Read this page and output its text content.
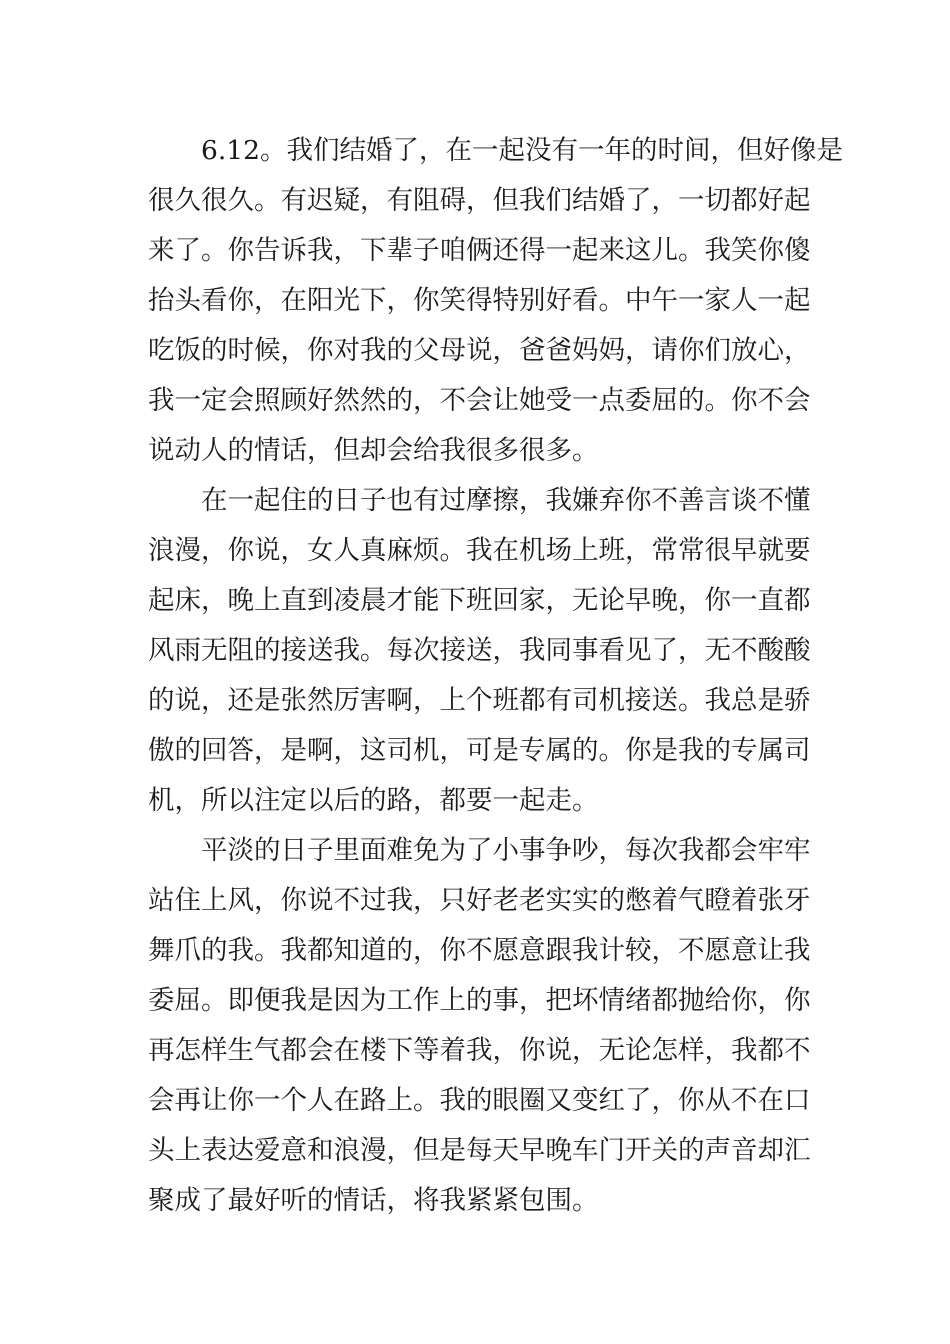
6.12。我们结婚了，在一起没有一年的时间，但好像是
很久很久。有迟疑，有阻碍，但我们结婚了，一切都好起
来了。你告诉我，下辈子咱俩还得一起来这儿。我笑你傻
抬头看你，在阳光下，你笑得特别好看。中午一家人一起
吃饭的时候，你对我的父母说，爸爸妈妈，请你们放心，
我一定会照顾好然然的，不会让她受一点委屈的。你不会
说动人的情话，但却会给我很多很多。
在一起住的日子也有过摩擦，我嫌弃你不善言谈不懂
浪漫，你说，女人真麻烦。我在机场上班，常常很早就要
起床，晚上直到凌晨才能下班回家，无论早晚，你一直都
风雨无阻的接送我。每次接送，我同事看见了，无不酸酸
的说，还是张然厉害啊，上个班都有司机接送。我总是骄
傲的回答，是啊，这司机，可是专属的。你是我的专属司
机，所以注定以后的路，都要一起走。
平淡的日子里面难免为了小事争吵，每次我都会牢牢
站住上风，你说不过我，只好老老实实的憋着气瞪着张牙
舞爪的我。我都知道的，你不愿意跟我计较，不愿意让我
委屈。即便我是因为工作上的事，把坏情绪都抛给你，你
再怎样生气都会在楼下等着我，你说，无论怎样，我都不
会再让你一个人在路上。我的眼圈又变红了，你从不在口
头上表达爱意和浪漫，但是每天早晚车门开关的声音却汇
聚成了最好听的情话，将我紧紧包围。
